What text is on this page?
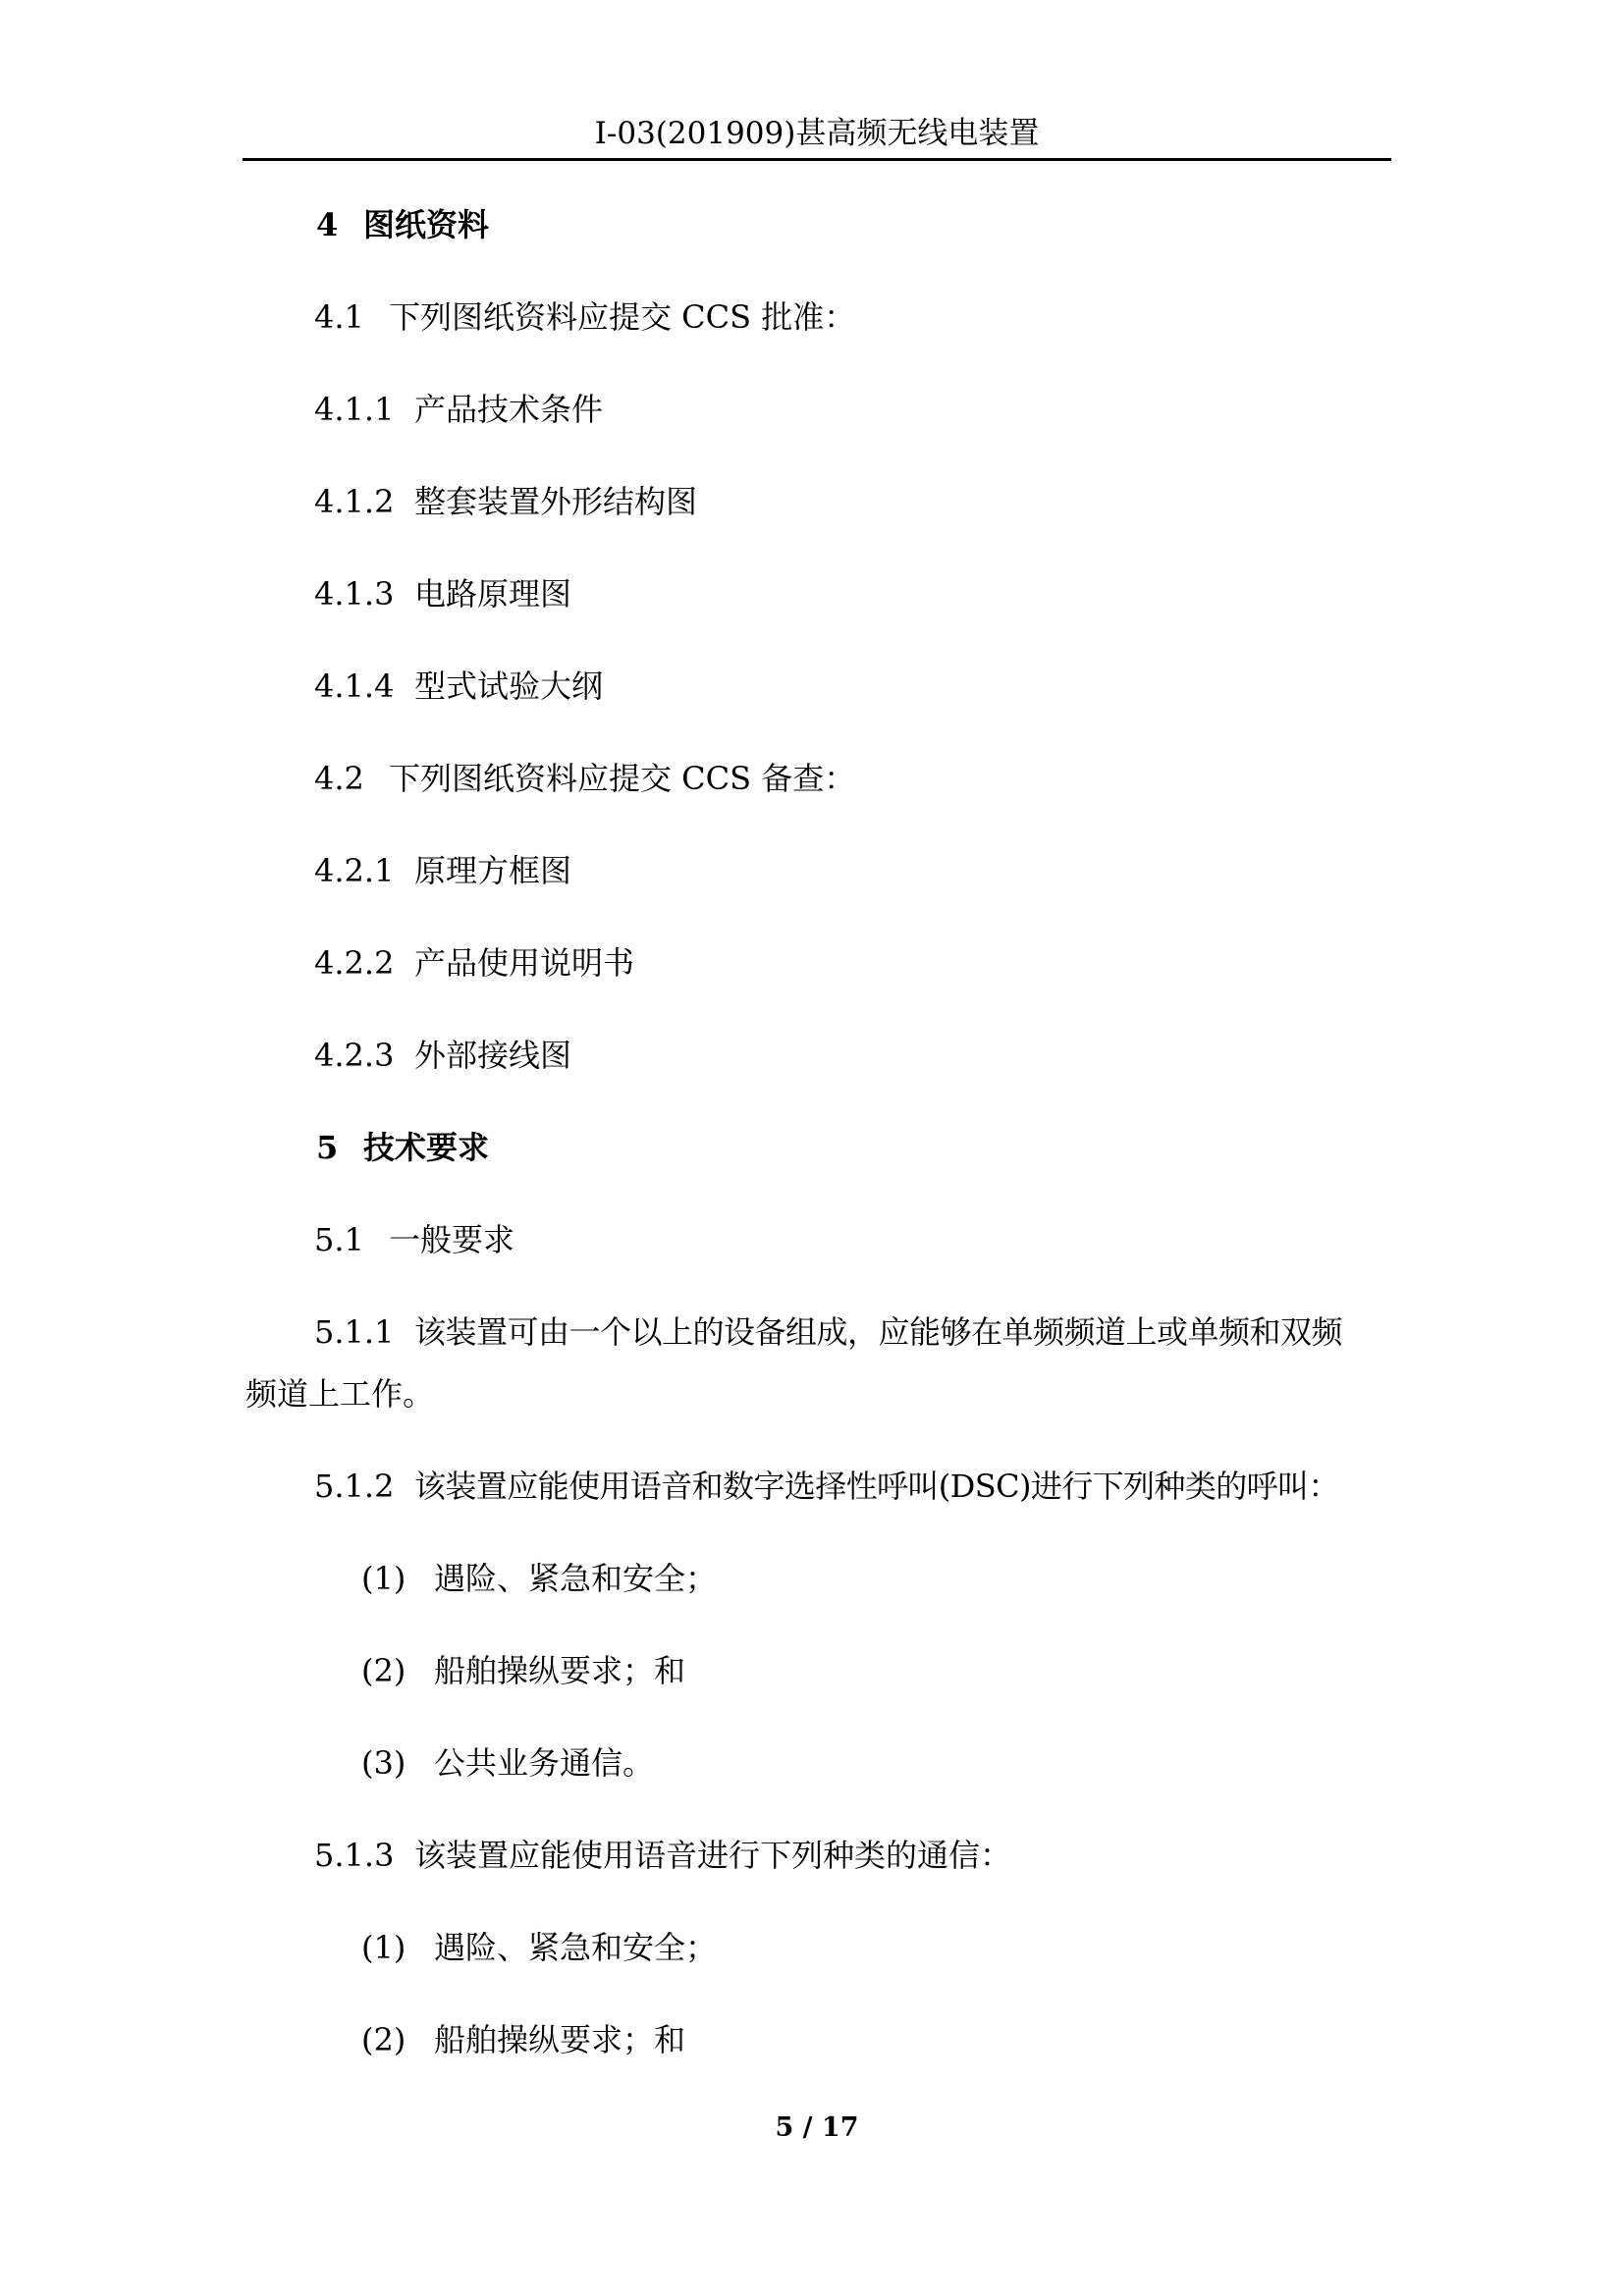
I-03(201909)甚高频无线电装置
4 图纸资料
4.1 下列图纸资料应提交 CCS 批准：
4.1.1 产品技术条件
4.1.2 整套装置外形结构图
4.1.3 电路原理图
4.1.4 型式试验大纲
4.2 下列图纸资料应提交 CCS 备查：
4.2.1 原理方框图
4.2.2 产品使用说明书
4.2.3 外部接线图
5 技术要求
5.1 一般要求
5.1.1 该装置可由一个以上的设备组成，应能够在单频频道上或单频和双频
频道上工作。
5.1.2 该装置应能使用语音和数字选择性呼叫(DSC)进行下列种类的呼叫：
(1) 遇险、紧急和安全；
(2) 船舶操纵要求；和
(3) 公共业务通信。
5.1.3 该装置应能使用语音进行下列种类的通信：
(1) 遇险、紧急和安全；
(2) 船舶操纵要求；和
5 / 17
